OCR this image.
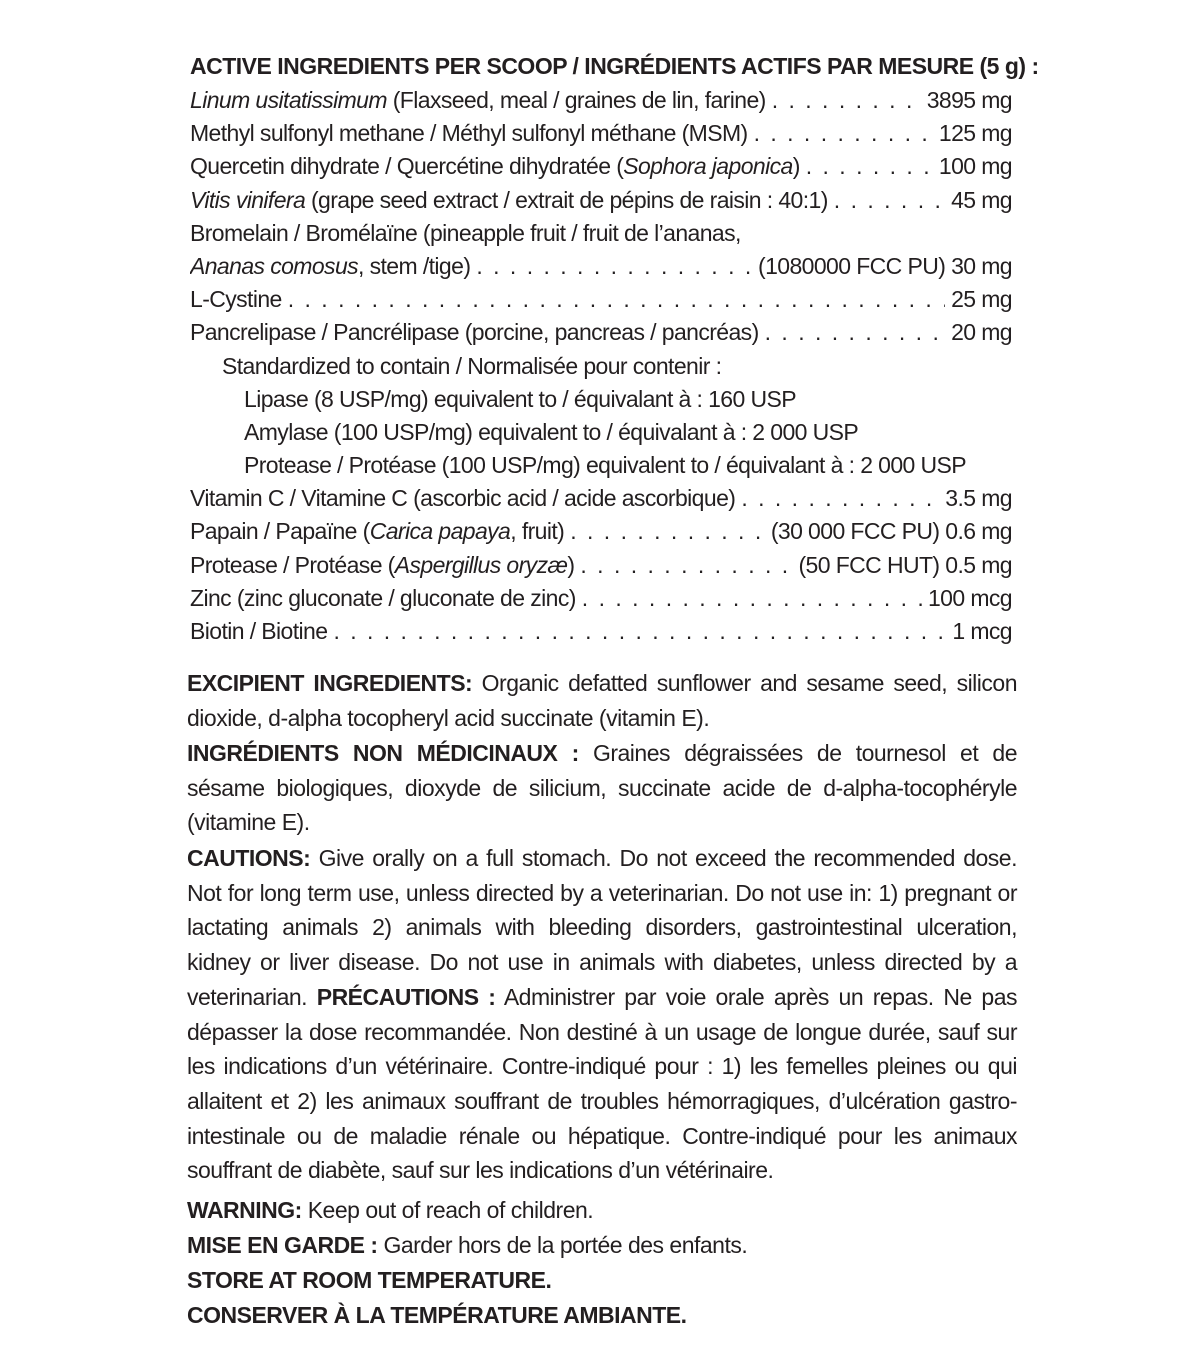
ACTIVE INGREDIENTS PER SCOOP / INGRÉDIENTS ACTIFS PAR MESURE (5 g) :
Linum usitatissimum (Flaxseed, meal / graines de lin, farine) . . .	3895 mg
Methyl sulfonyl methane / Méthyl sulfonyl méthane (MSM) . . .	125 mg
Quercetin dihydrate / Quercétine dihydratée (Sophora japonica) . . .	100 mg
Vitis vinifera (grape seed extract / extrait de pépins de raisin : 40:1) . . .	45 mg
Bromelain / Bromélaïne (pineapple fruit / fruit de l’ananas,
Ananas comosus, stem /tige) . . .	(1080000 FCC PU) 30 mg
L-Cystine . . .	25 mg
Pancrelipase / Pancrélipase (porcine, pancreas / pancréas) . . .	20 mg
Standardized to contain / Normalisée pour contenir :
Lipase (8 USP/mg) equivalent to / équivalant à : 160 USP
Amylase (100 USP/mg) equivalent to / équivalant à : 2 000 USP
Protease / Protéase (100 USP/mg) equivalent to / équivalant à : 2 000 USP
Vitamin C / Vitamine C (ascorbic acid / acide ascorbique) . . .	3.5 mg
Papain / Papaïne (Carica papaya, fruit) . . .	(30 000 FCC PU) 0.6 mg
Protease / Protéase (Aspergillus oryzæ) . . .	(50 FCC HUT) 0.5 mg
Zinc (zinc gluconate / gluconate de zinc) . . .	100 mcg
Biotin / Biotine . . .	1 mcg
EXCIPIENT INGREDIENTS: Organic defatted sunflower and sesame seed, silicon dioxide, d-alpha tocopheryl acid succinate (vitamin E).
INGRÉDIENTS NON MÉDICINAUX : Graines dégraissées de tournesol et de sésame biologiques, dioxyde de silicium, succinate acide de d-alpha-tocophéryle (vitamine E).
CAUTIONS: Give orally on a full stomach. Do not exceed the recommended dose. Not for long term use, unless directed by a veterinarian. Do not use in: 1) pregnant or lactating animals 2) animals with bleeding disorders, gastrointestinal ulceration, kidney or liver disease. Do not use in animals with diabetes, unless directed by a veterinarian. PRÉCAUTIONS : Administrer par voie orale après un repas. Ne pas dépasser la dose recommandée. Non destiné à un usage de longue durée, sauf sur les indications d’un vétérinaire. Contre-indiqué pour : 1) les femelles pleines ou qui allaitent et 2) les animaux souffrant de troubles hémorragiques, d’ulcération gastro-intestinale ou de maladie rénale ou hépatique. Contre-indiqué pour les animaux souffrant de diabète, sauf sur les indications d’un vétérinaire.
WARNING: Keep out of reach of children.
MISE EN GARDE : Garder hors de la portée des enfants.
STORE AT ROOM TEMPERATURE.
CONSERVER À LA TEMPÉRATURE AMBIANTE.
